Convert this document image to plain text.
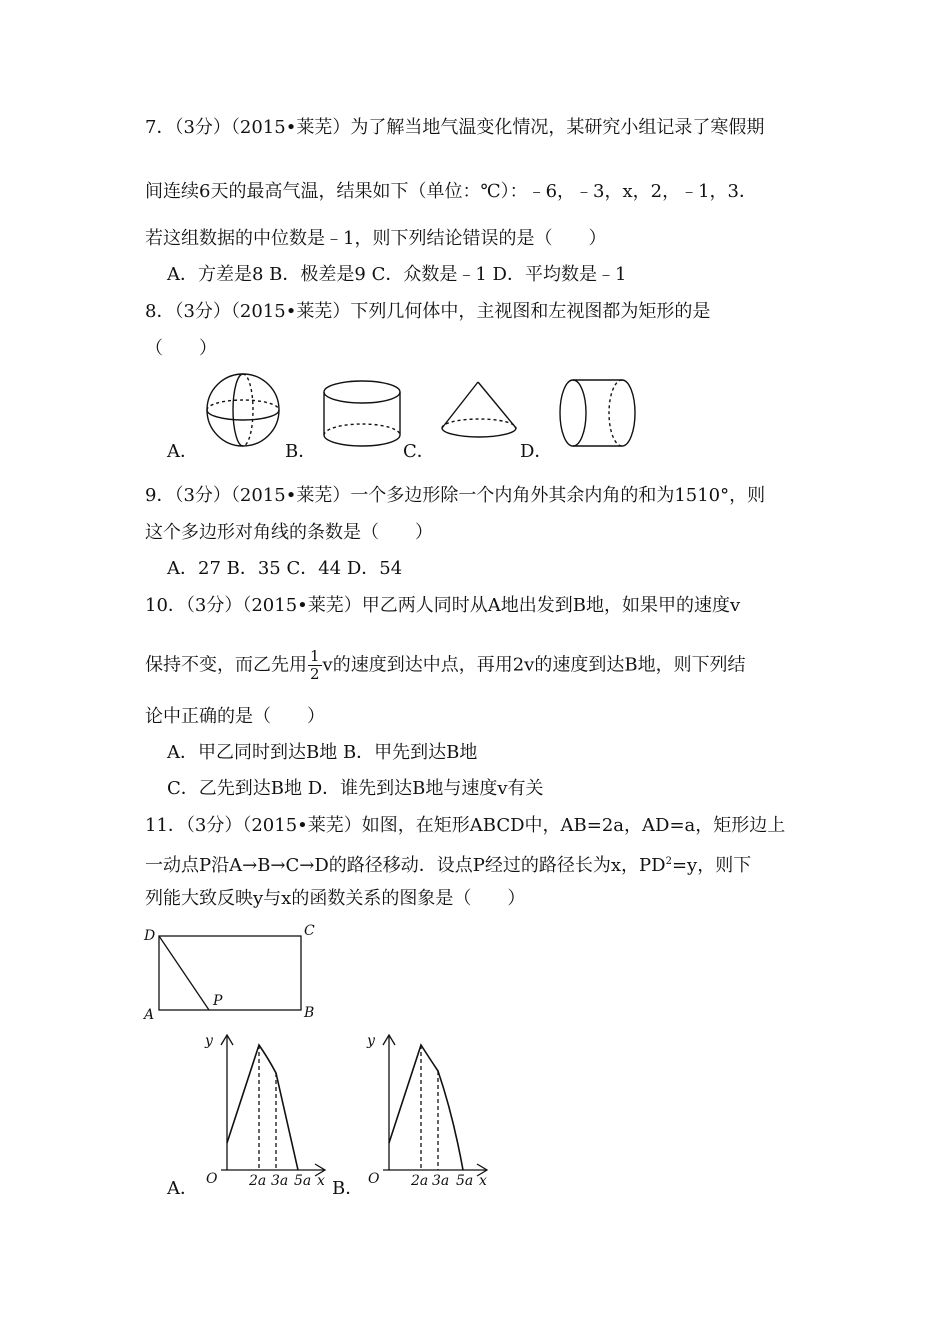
7．（3分）（2015•莱芜）为了解当地气温变化情况，某研究小组记录了寒假期
间连续6天的最高气温，结果如下（单位：℃）：﹣6，﹣3，x，2，﹣1，3．
若这组数据的中位数是﹣1，则下列结论错误的是（　　）
A．方差是8 B．极差是9 C．众数是﹣1 D．平均数是﹣1
8．（3分）（2015•莱芜）下列几何体中，主视图和左视图都为矩形的是
（　　）
A．	B．	C．	D．
9．（3分）（2015•莱芜）一个多边形除一个内角外其余内角的和为1510°，则
这个多边形对角线的条数是（　　）
A．27 B．35 C．44 D．54
10．（3分）（2015•莱芜）甲乙两人同时从A地出发到B地，如果甲的速度v
保持不变，而乙先用 $\frac{1}{2}$ v的速度到达中点，再用2v的速度到达B地，则下列结
论中正确的是（　　）
A．甲乙同时到达B地 B．甲先到达B地
C．乙先到达B地 D．谁先到达B地与速度v有关
11．（3分）（2015•莱芜）如图，在矩形ABCD中，AB=2a，AD=a，矩形边上
一动点P沿A→B→C→D的路径移动．设点P经过的路径长为x，$PD^2=y$，则下
列能大致反映y与x的函数关系的图象是（　　）
D	C
A	B
P
y
O 2a 3a 5a x
A．
y
O 2a 3a 5a x
B．
